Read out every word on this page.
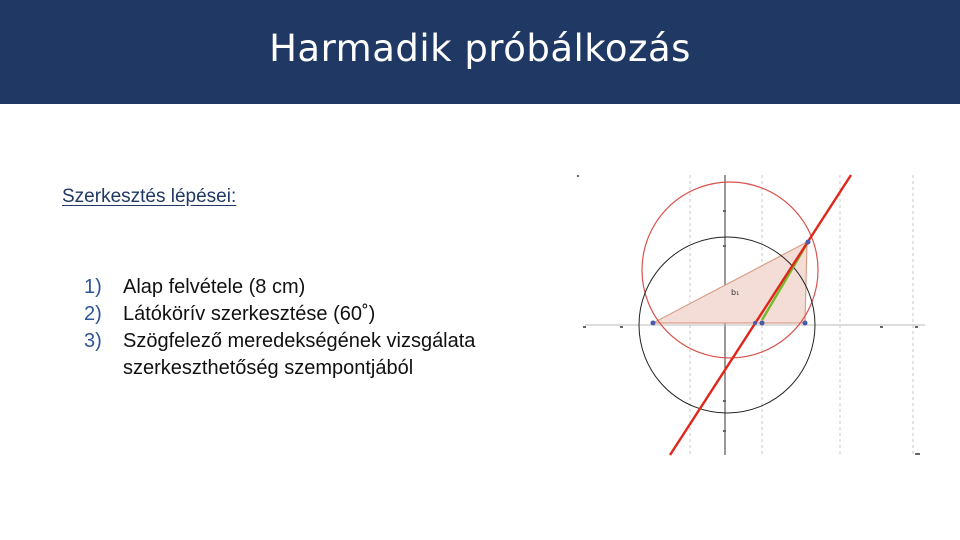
Harmadik próbálkozás
Szerkesztés lépései:
1) Alap felvétele (8 cm)
2) Látókörív szerkesztése (60˚)
3) Szögfelező meredekségének vizsgálata
szerkeszthetőség szempontjából
b₁
